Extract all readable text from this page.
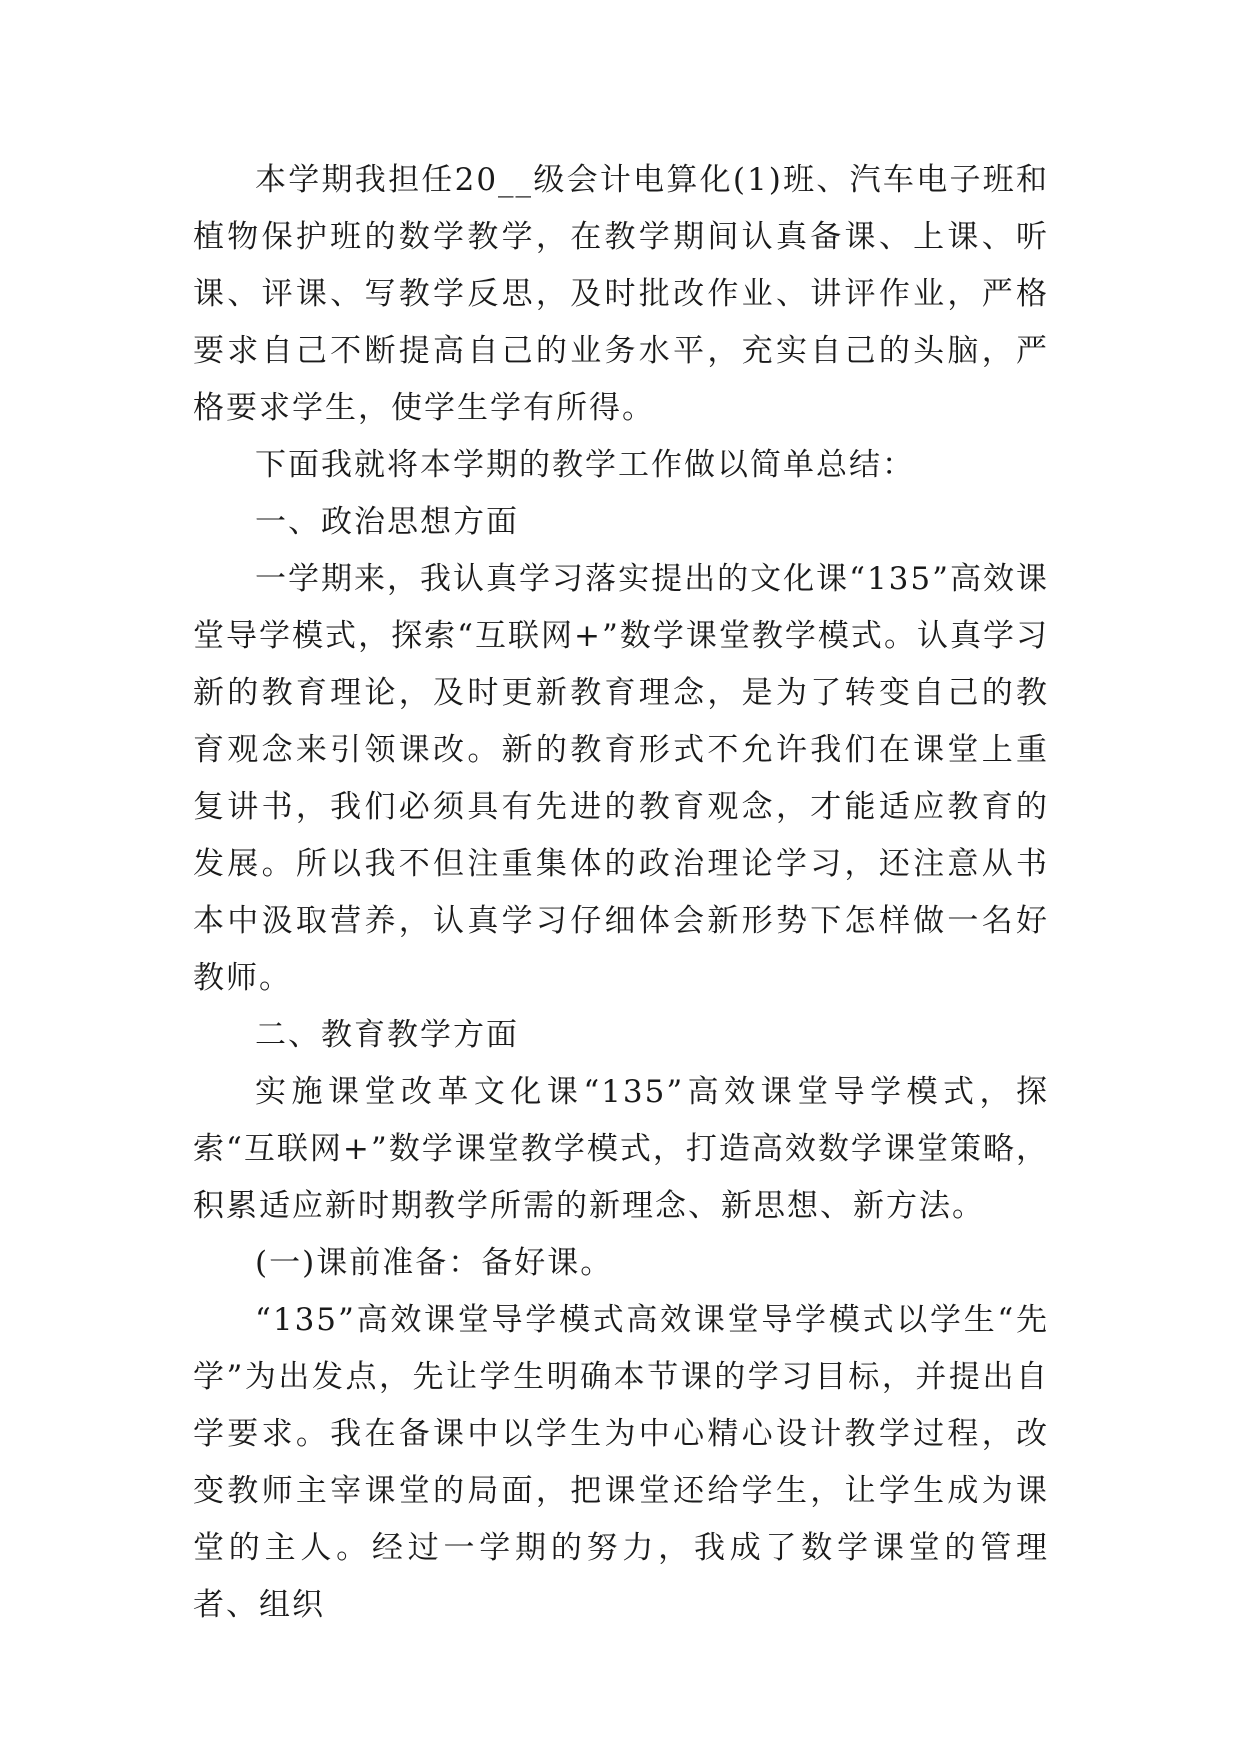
本学期我担任20__级会计电算化(1)班、汽车电子班和植物保护班的数学教学，在教学期间认真备课、上课、听课、评课、写教学反思，及时批改作业、讲评作业，严格要求自己不断提高自己的业务水平，充实自己的头脑，严格要求学生，使学生学有所得。

下面我就将本学期的教学工作做以简单总结：

一、政治思想方面

一学期来，我认真学习落实提出的文化课“135”高效课堂导学模式，探索“互联网+”数学课堂教学模式。认真学习新的教育理论，及时更新教育理念，是为了转变自己的教育观念来引领课改。新的教育形式不允许我们在课堂上重复讲书，我们必须具有先进的教育观念，才能适应教育的发展。所以我不但注重集体的政治理论学习，还注意从书本中汲取营养，认真学习仔细体会新形势下怎样做一名好教师。

二、教育教学方面

实施课堂改革文化课“135”高效课堂导学模式，探索“互联网+”数学课堂教学模式，打造高效数学课堂策略，积累适应新时期教学所需的新理念、新思想、新方法。

(一)课前准备：备好课。

“135”高效课堂导学模式高效课堂导学模式以学生“先学”为出发点，先让学生明确本节课的学习目标，并提出自学要求。我在备课中以学生为中心精心设计教学过程，改变教师主宰课堂的局面，把课堂还给学生，让学生成为课堂的主人。经过一学期的努力，我成了数学课堂的管理者、组织
